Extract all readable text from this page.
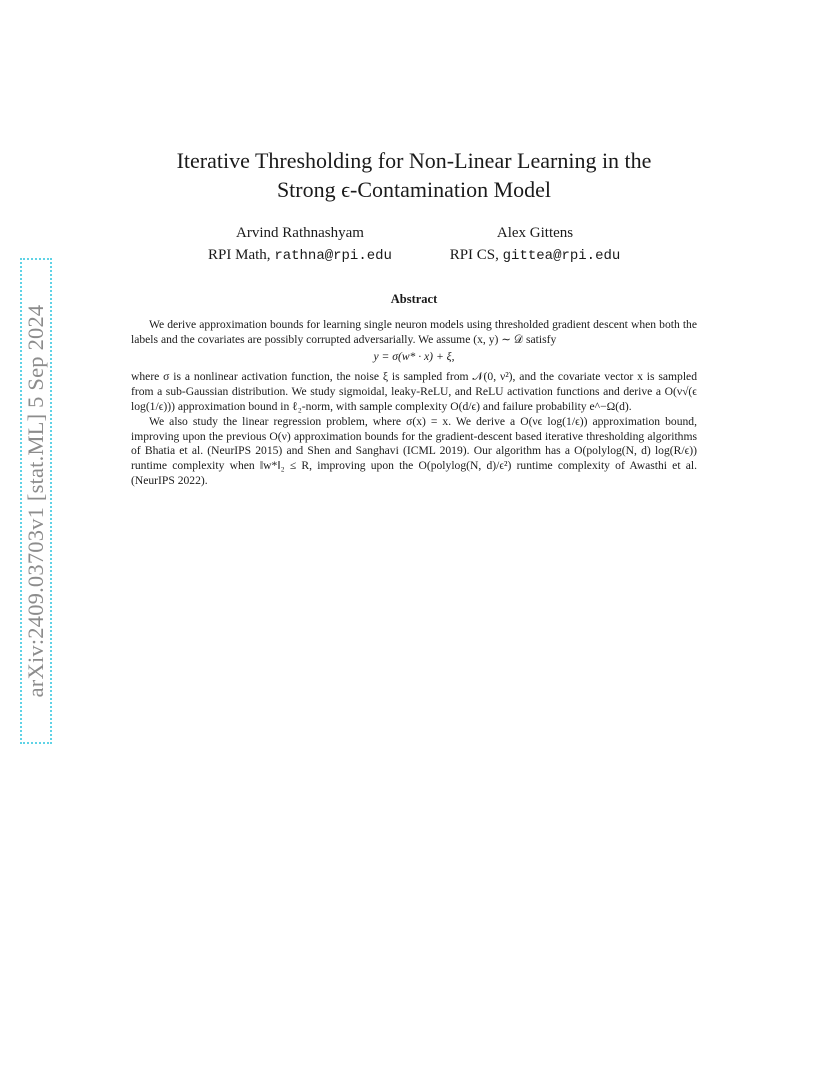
arXiv:2409.03703v1 [stat.ML] 5 Sep 2024
Iterative Thresholding for Non-Linear Learning in the
Strong ϵ-Contamination Model
Arvind Rathnashyam
RPI Math, rathna@rpi.edu
Alex Gittens
RPI CS, gittea@rpi.edu
Abstract

We derive approximation bounds for learning single neuron models using thresholded gradient descent when both the labels and the covariates are possibly corrupted adversarially. We assume (x, y) ∼ 𝒟 satisfy

y = σ(w* · x) + ξ,

where σ is a nonlinear activation function, the noise ξ is sampled from 𝒩(0, ν²), and the covariate vector x is sampled from a sub-Gaussian distribution. We study sigmoidal, leaky-ReLU, and ReLU activation functions and derive a O(ν√(ϵ log(1/ϵ))) approximation bound in ℓ₂-norm, with sample complexity O(d/ϵ) and failure probability e^−Ω(d).

We also study the linear regression problem, where σ(x) = x. We derive a O(νϵ log(1/ϵ)) approximation bound, improving upon the previous O(ν) approximation bounds for the gradient-descent based iterative thresholding algorithms of Bhatia et al. (NeurIPS 2015) and Shen and Sanghavi (ICML 2019). Our algorithm has a O(polylog(N, d) log(R/ϵ)) runtime complexity when ‖w*‖₂ ≤ R, improving upon the O(polylog(N, d)/ϵ²) runtime complexity of Awasthi et al. (NeurIPS 2022).
